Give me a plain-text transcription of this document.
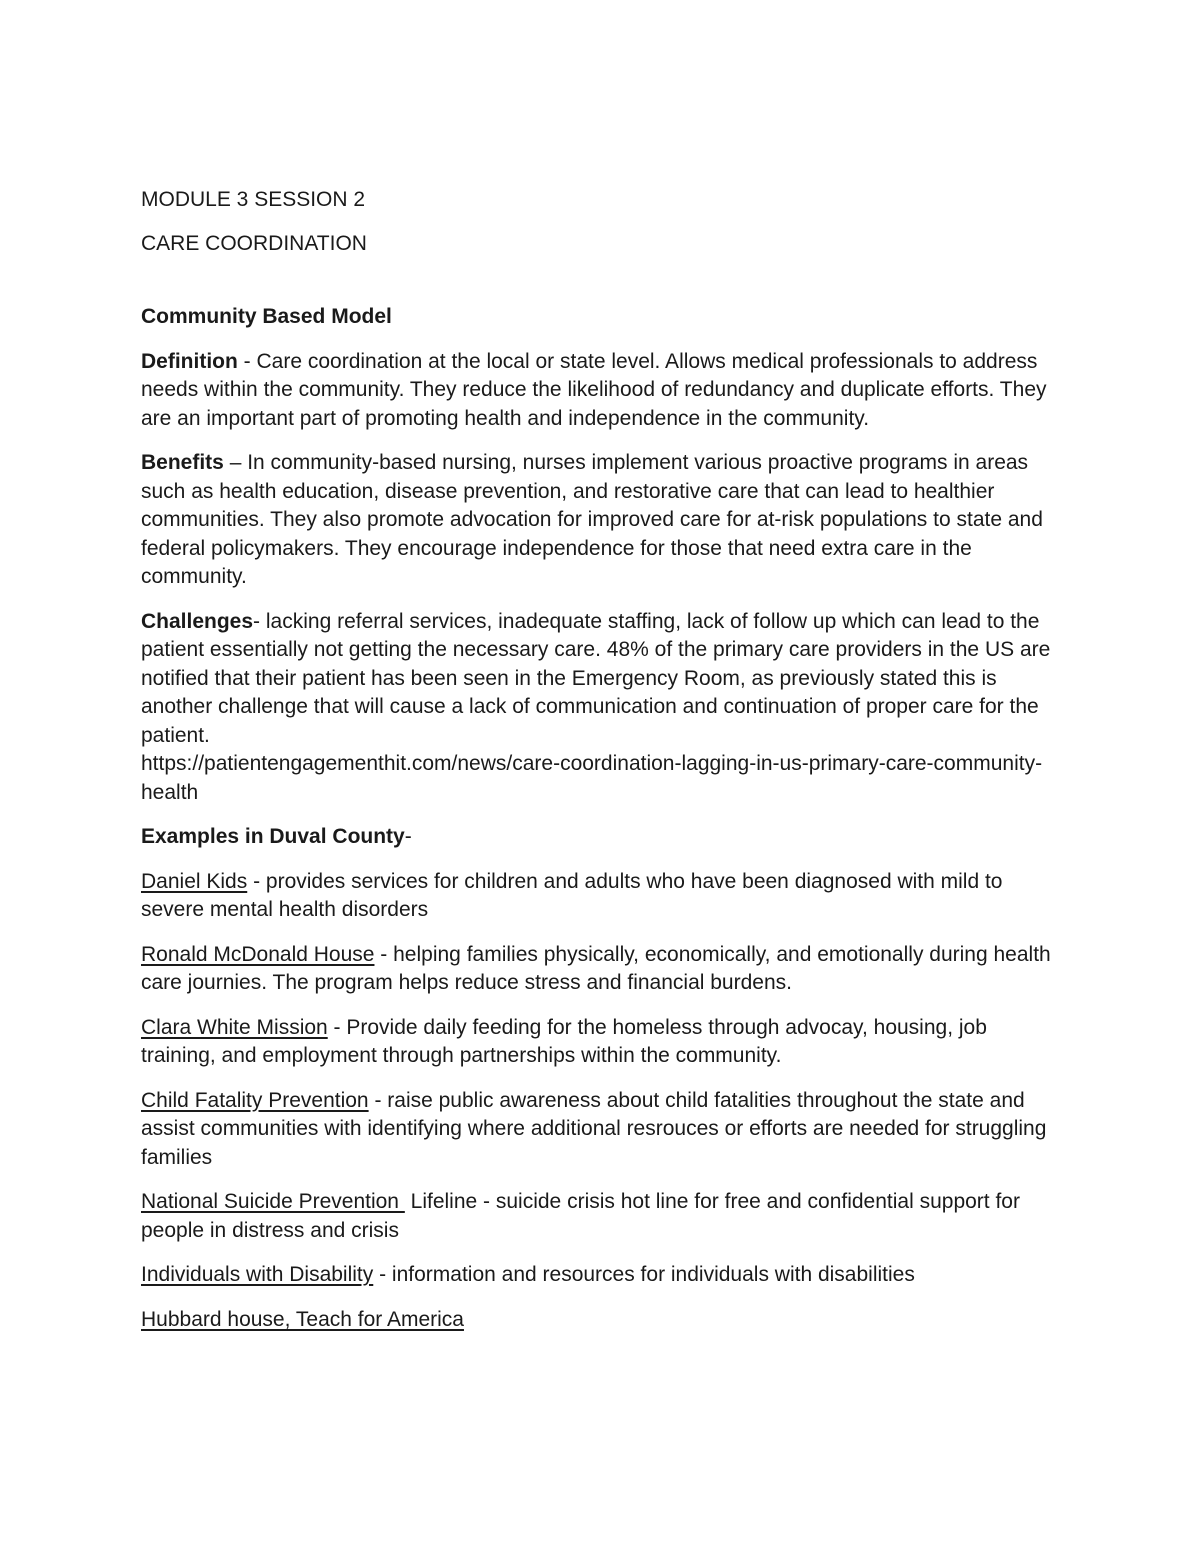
MODULE 3 SESSION 2

CARE COORDINATION

Community Based Model

Definition - Care coordination at the local or state level. Allows medical professionals to address needs within the community. They reduce the likelihood of redundancy and duplicate efforts. They are an important part of promoting health and independence in the community.

Benefits – In community-based nursing, nurses implement various proactive programs in areas such as health education, disease prevention, and restorative care that can lead to healthier communities. They also promote advocation for improved care for at-risk populations to state and federal policymakers. They encourage independence for those that need extra care in the community.

Challenges- lacking referral services, inadequate staffing, lack of follow up which can lead to the patient essentially not getting the necessary care. 48% of the primary care providers in the US are notified that their patient has been seen in the Emergency Room, as previously stated this is another challenge that will cause a lack of communication and continuation of proper care for the patient.
https://patientengagementhit.com/news/care-coordination-lagging-in-us-primary-care-community-health

Examples in Duval County-

Daniel Kids - provides services for children and adults who have been diagnosed with mild to severe mental health disorders

Ronald McDonald House - helping families physically, economically, and emotionally during health care journies. The program helps reduce stress and financial burdens.

Clara White Mission - Provide daily feeding for the homeless through advocay, housing, job training, and employment through partnerships within the community.

Child Fatality Prevention - raise public awareness about child fatalities throughout the state and assist communities with identifying where additional resrouces or efforts are needed for struggling families

National Suicide Prevention  Lifeline - suicide crisis hot line for free and confidential support for people in distress and crisis

Individuals with Disability - information and resources for individuals with disabilities

Hubbard house, Teach for America
